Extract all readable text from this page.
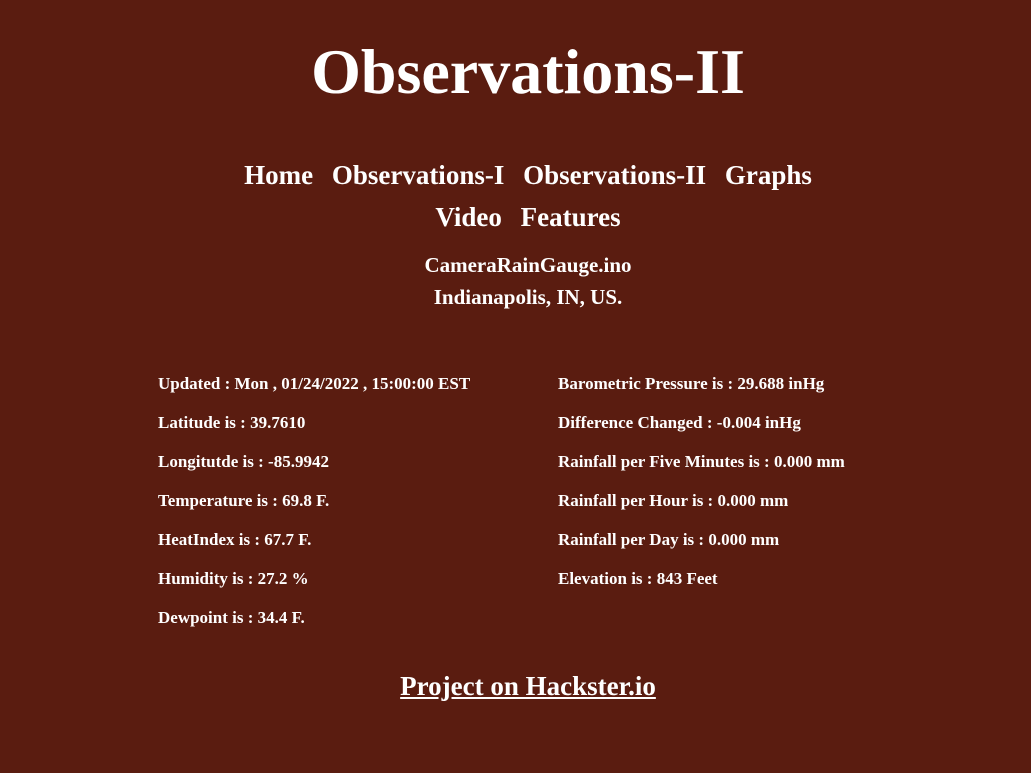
Observations-II
Home Observations-I Observations-II Graphs
Video Features
CameraRainGauge.ino
Indianapolis, IN, US.
Updated : Mon , 01/24/2022 , 15:00:00 EST
Latitude is : 39.7610
Longitutde is : -85.9942
Temperature is : 69.8 F.
HeatIndex is : 67.7 F.
Humidity is : 27.2 %
Dewpoint is : 34.4 F.
Barometric Pressure is : 29.688 inHg
Difference Changed : -0.004 inHg
Rainfall per Five Minutes is : 0.000 mm
Rainfall per Hour is : 0.000 mm
Rainfall per Day is : 0.000 mm
Elevation is : 843 Feet
Project on Hackster.io
